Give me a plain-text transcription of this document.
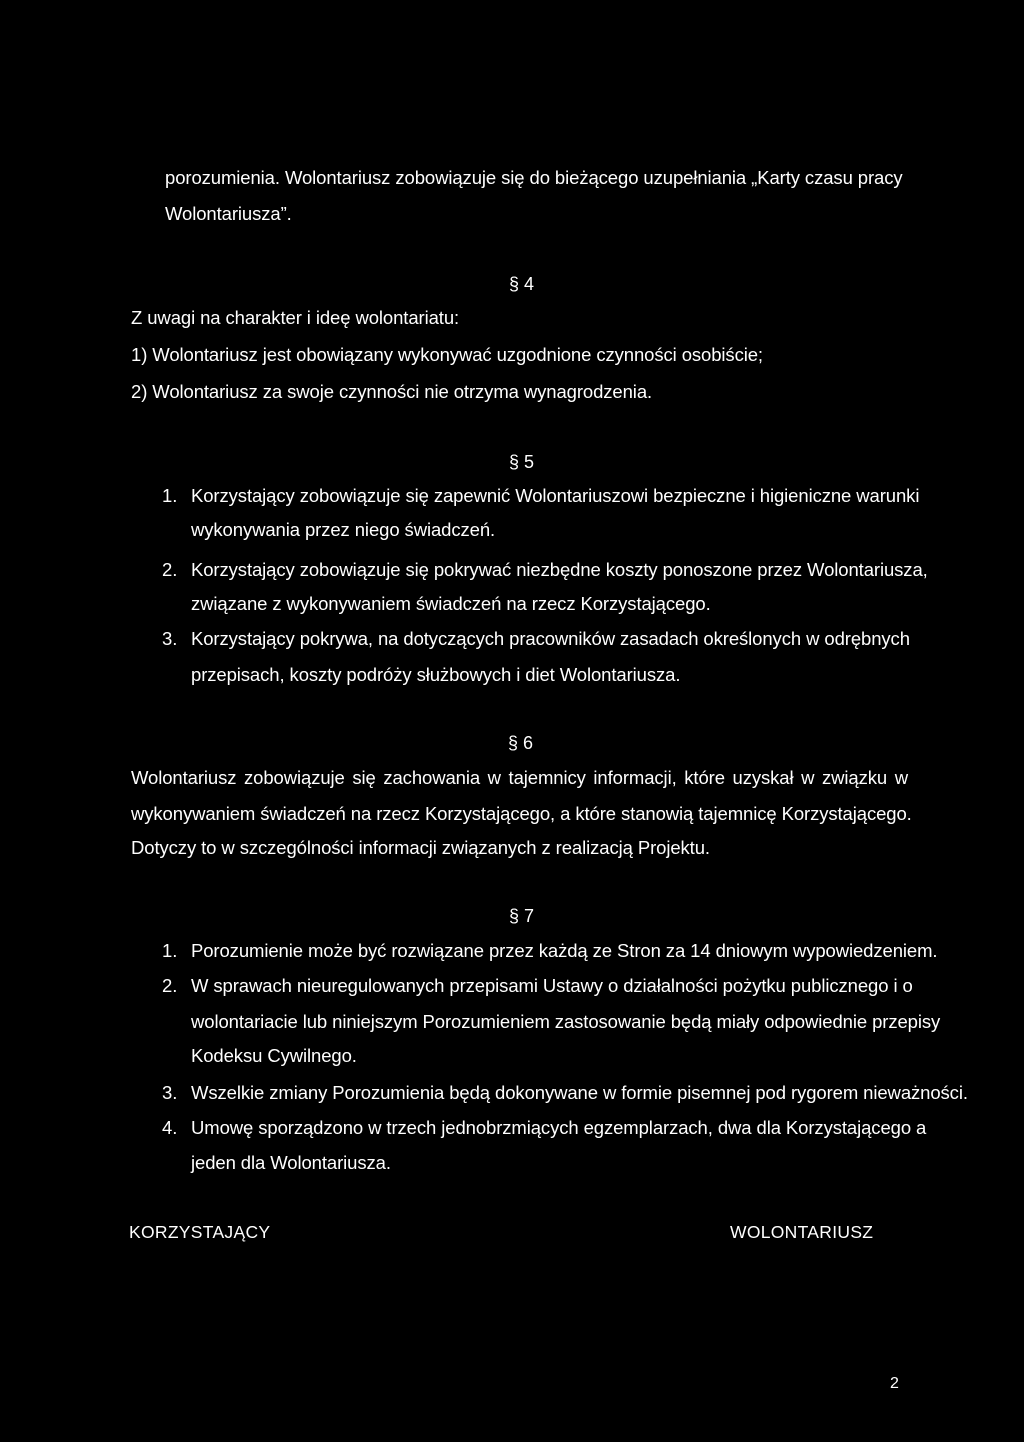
porozumienia. Wolontariusz zobowiązuje się do bieżącego uzupełniania „Karty czasu pracy
Wolontariusza”.
§ 4
Z uwagi na charakter i ideę wolontariatu:
1) Wolontariusz jest obowiązany wykonywać uzgodnione czynności osobiście;
2) Wolontariusz za swoje czynności nie otrzyma wynagrodzenia.
§ 5
1. Korzystający zobowiązuje się zapewnić Wolontariuszowi bezpieczne i higieniczne warunki
wykonywania przez niego świadczeń.
2. Korzystający zobowiązuje się pokrywać niezbędne koszty ponoszone przez Wolontariusza,
związane z wykonywaniem świadczeń na rzecz Korzystającego.
3. Korzystający pokrywa, na dotyczących pracowników zasadach określonych w odrębnych
przepisach, koszty podróży służbowych i diet Wolontariusza.
§ 6
Wolontariusz zobowiązuje się zachowania w tajemnicy informacji, które uzyskał w związku w
wykonywaniem świadczeń na rzecz Korzystającego, a które stanowią tajemnicę Korzystającego.
Dotyczy to w szczególności informacji związanych z realizacją Projektu.
§ 7
1. Porozumienie może być rozwiązane przez każdą ze Stron za 14 dniowym wypowiedzeniem.
2. W sprawach nieuregulowanych przepisami Ustawy o działalności pożytku publicznego i o
wolontariacie lub niniejszym Porozumieniem zastosowanie będą miały odpowiednie przepisy
Kodeksu Cywilnego.
3. Wszelkie zmiany Porozumienia będą dokonywane w formie pisemnej pod rygorem nieważności.
4. Umowę sporządzono w trzech jednobrzmiących egzemplarzach, dwa dla Korzystającego a
jeden dla Wolontariusza.
KORZYSTAJĄCY	WOLONTARIUSZ
2
